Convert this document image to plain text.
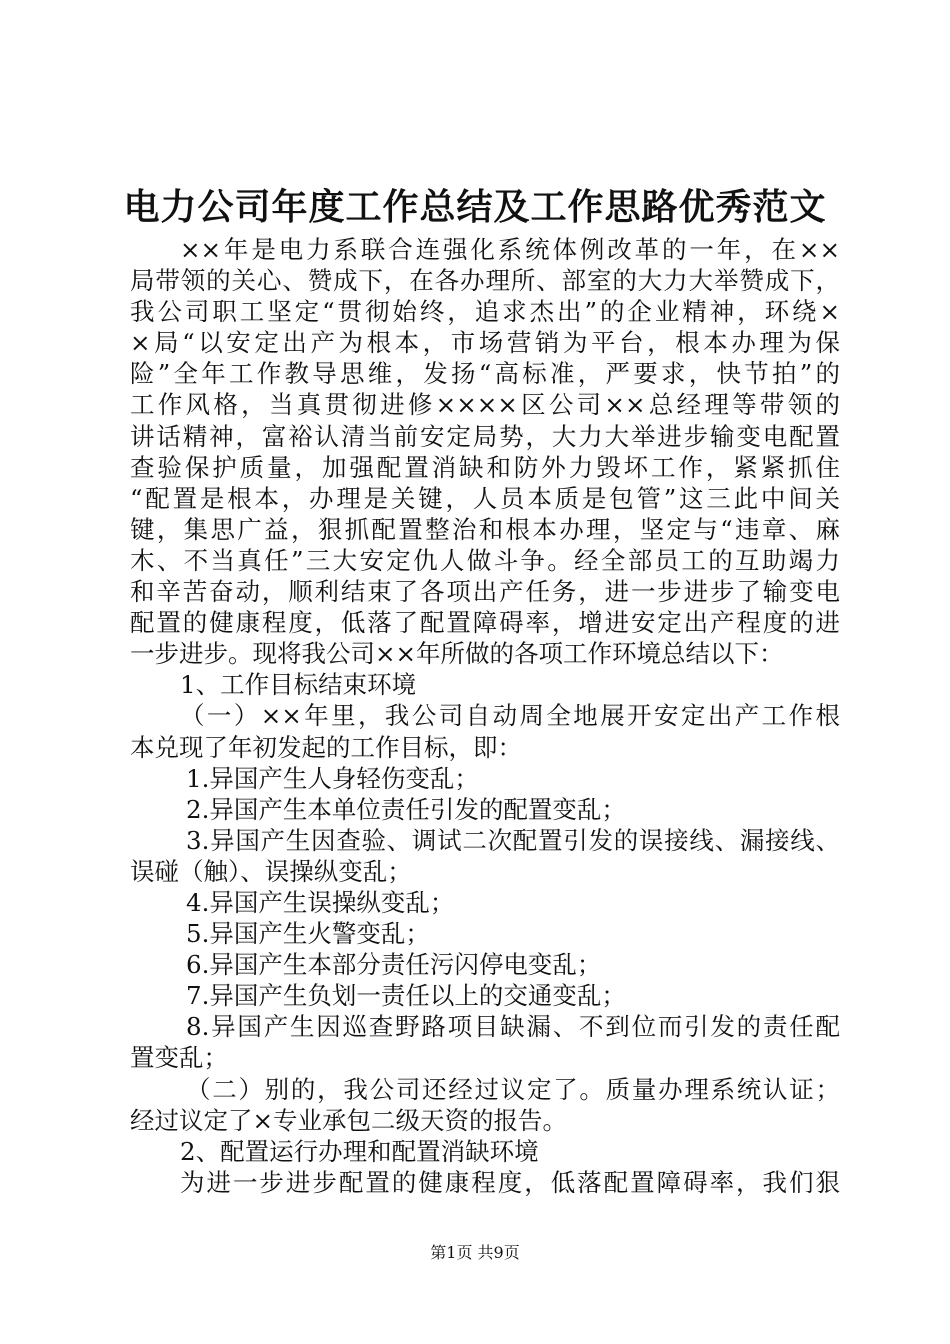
电力公司年度工作总结及工作思路优秀范文
××年是电力系联合连强化系统体例改革的一年，在××
局带领的关心、赞成下，在各办理所、部室的大力大举赞成下，
我公司职工坚定“贯彻始终，追求杰出”的企业精神，环绕×
×局“以安定出产为根本，市场营销为平台，根本办理为保
险”全年工作教导思维，发扬“高标准，严要求，快节拍”的
工作风格，当真贯彻进修××××区公司××总经理等带领的
讲话精神，富裕认清当前安定局势，大力大举进步输变电配置
查验保护质量，加强配置消缺和防外力毁坏工作，紧紧抓住
“配置是根本，办理是关键，人员本质是包管”这三此中间关
键，集思广益，狠抓配置整治和根本办理，坚定与“违章、麻
木、不当真任”三大安定仇人做斗争。经全部员工的互助竭力
和辛苦奋动，顺利结束了各项出产任务，进一步进步了输变电
配置的健康程度，低落了配置障碍率，增进安定出产程度的进
一步进步。现将我公司××年所做的各项工作环境总结以下：
1、工作目标结束环境
（一）××年里，我公司自动周全地展开安定出产工作根
本兑现了年初发起的工作目标，即：
1.异国产生人身轻伤变乱；
2.异国产生本单位责任引发的配置变乱；
3.异国产生因查验、调试二次配置引发的误接线、漏接线、
误碰（触）、误操纵变乱；
4.异国产生误操纵变乱；
5.异国产生火警变乱；
6.异国产生本部分责任污闪停电变乱；
7.异国产生负划一责任以上的交通变乱；
8.异国产生因巡查野路项目缺漏、不到位而引发的责任配
置变乱；
（二）别的，我公司还经过议定了。质量办理系统认证；
经过议定了×专业承包二级天资的报告。
2、配置运行办理和配置消缺环境
为进一步进步配置的健康程度，低落配置障碍率，我们狠
第1页 共9页
